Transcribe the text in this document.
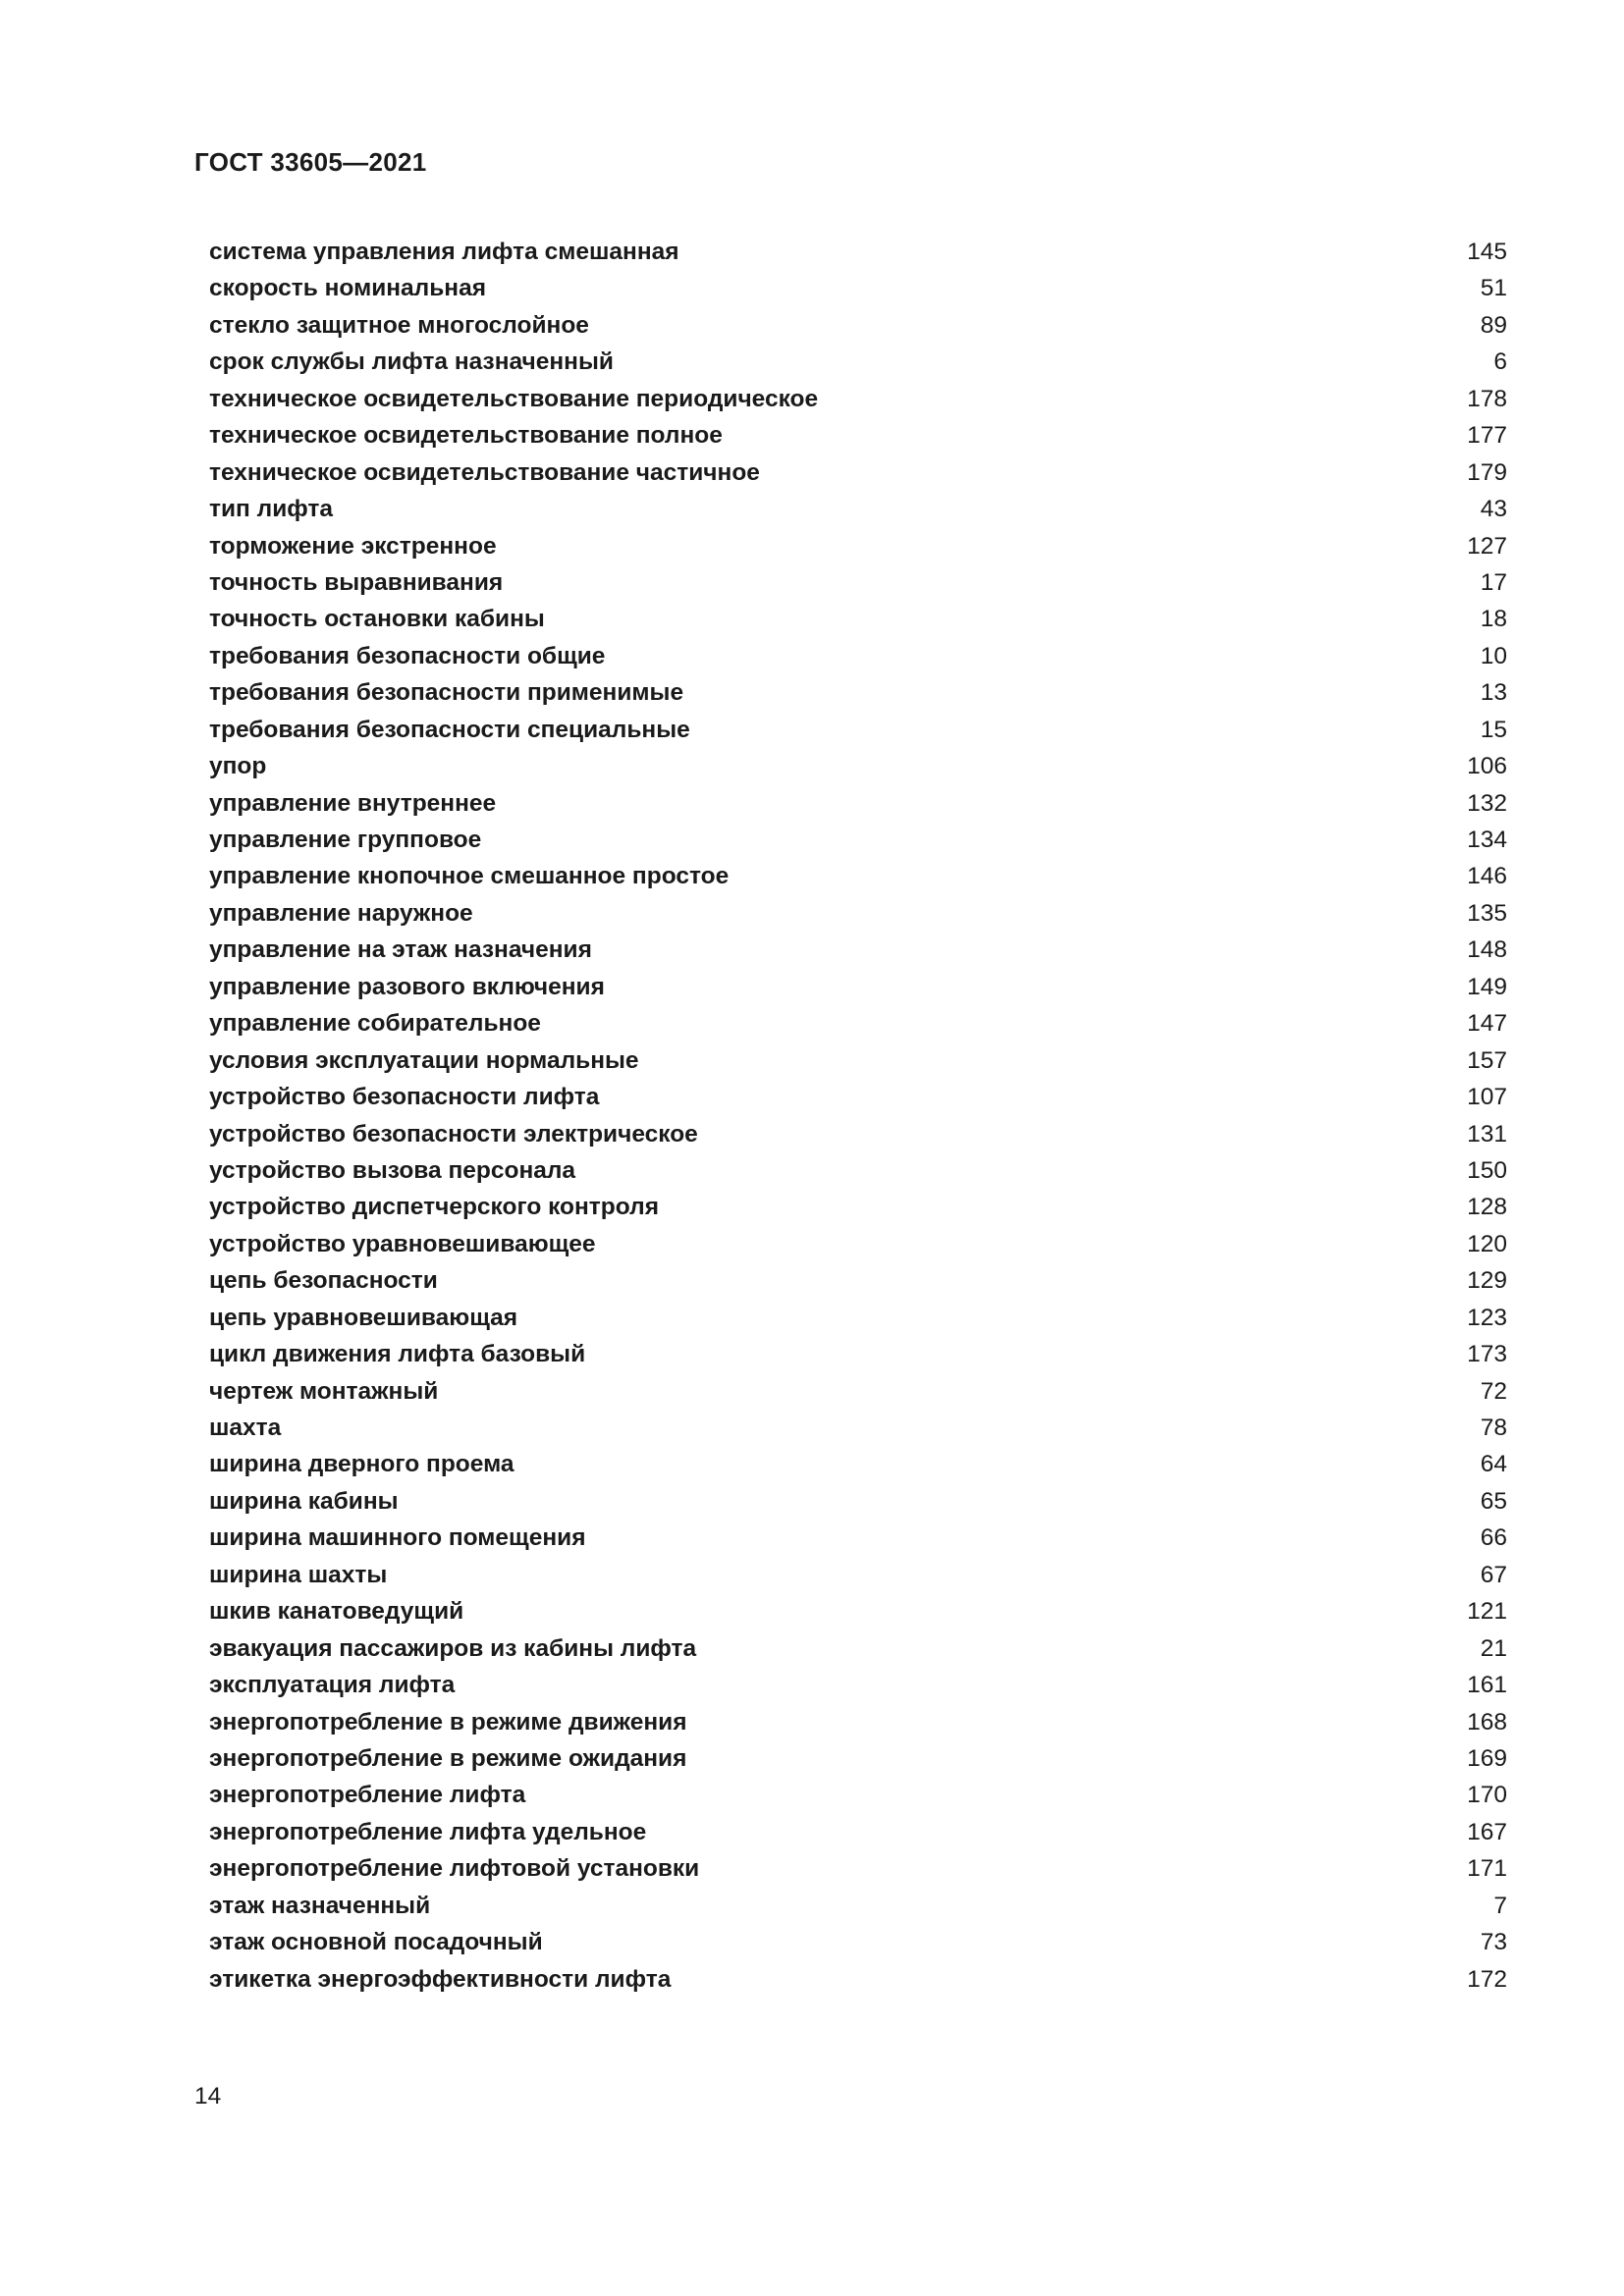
ГОСТ 33605—2021
система управления лифта смешанная	145
скорость номинальная	51
стекло защитное многослойное	89
срок службы лифта назначенный	6
техническое освидетельствование периодическое	178
техническое освидетельствование полное	177
техническое освидетельствование частичное	179
тип лифта	43
торможение экстренное	127
точность выравнивания	17
точность остановки кабины	18
требования безопасности общие	10
требования безопасности применимые	13
требования безопасности специальные	15
упор	106
управление внутреннее	132
управление групповое	134
управление кнопочное смешанное простое	146
управление наружное	135
управление на этаж назначения	148
управление разового включения	149
управление собирательное	147
условия эксплуатации нормальные	157
устройство безопасности лифта	107
устройство безопасности электрическое	131
устройство вызова персонала	150
устройство диспетчерского контроля	128
устройство уравновешивающее	120
цепь безопасности	129
цепь уравновешивающая	123
цикл движения лифта базовый	173
чертеж монтажный	72
шахта	78
ширина дверного проема	64
ширина кабины	65
ширина машинного помещения	66
ширина шахты	67
шкив канатоведущий	121
эвакуация пассажиров из кабины лифта	21
эксплуатация лифта	161
энергопотребление в режиме движения	168
энергопотребление в режиме ожидания	169
энергопотребление лифта	170
энергопотребление лифта удельное	167
энергопотребление лифтовой установки	171
этаж назначенный	7
этаж основной посадочный	73
этикетка энергоэффективности лифта	172
14
